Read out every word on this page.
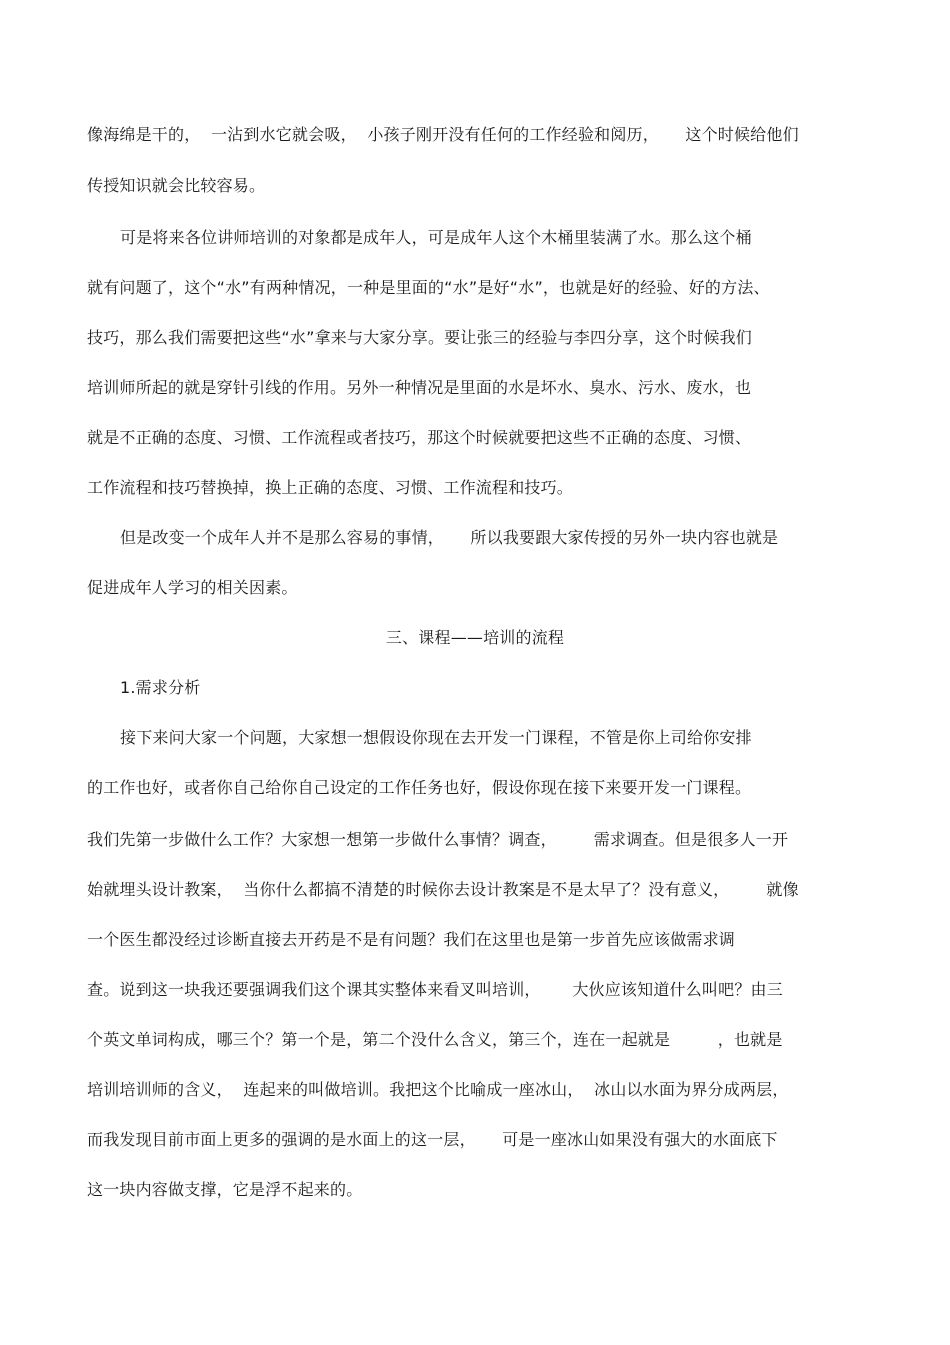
像海绵是干的，  一沾到水它就会吸，  小孩子刚开没有任何的工作经验和阅历，     这个时候给他们
传授知识就会比较容易。
可是将来各位讲师培训的对象都是成年人，可是成年人这个木桶里装满了水。那么这个桶
就有问题了，这个“水”有两种情况，一种是里面的“水”是好“水”，也就是好的经验、好的方法、
技巧，那么我们需要把这些“水”拿来与大家分享。要让张三的经验与李四分享，这个时候我们
培训师所起的就是穿针引线的作用。另外一种情况是里面的水是坏水、臭水、污水、废水，也
就是不正确的态度、习惯、工作流程或者技巧，那这个时候就要把这些不正确的态度、习惯、
工作流程和技巧替换掉，换上正确的态度、习惯、工作流程和技巧。
但是改变一个成年人并不是那么容易的事情，     所以我要跟大家传授的另外一块内容也就是
促进成年人学习的相关因素。
三、课程——培训的流程
1.需求分析
接下来问大家一个问题，大家想一想假设你现在去开发一门课程，不管是你上司给你安排
的工作也好，或者你自己给你自己设定的工作任务也好，假设你现在接下来要开发一门课程。
我们先第一步做什么工作？大家想一想第一步做什么事情？调查，       需求调查。但是很多人一开
始就埋头设计教案，  当你什么都搞不清楚的时候你去设计教案是不是太早了？没有意义，       就像
一个医生都没经过诊断直接去开药是不是有问题？我们在这里也是第一步首先应该做需求调
查。说到这一块我还要强调我们这个课其实整体来看叉叫培训，      大伙应该知道什么叫吧？由三
个英文单词构成，哪三个？第一个是，第二个没什么含义，第三个，连在一起就是         ，也就是
培训培训师的含义，  连起来的叫做培训。我把这个比喻成一座冰山，  冰山以水面为界分成两层，
而我发现目前市面上更多的强调的是水面上的这一层，     可是一座冰山如果没有强大的水面底下
这一块内容做支撑，它是浮不起来的。
